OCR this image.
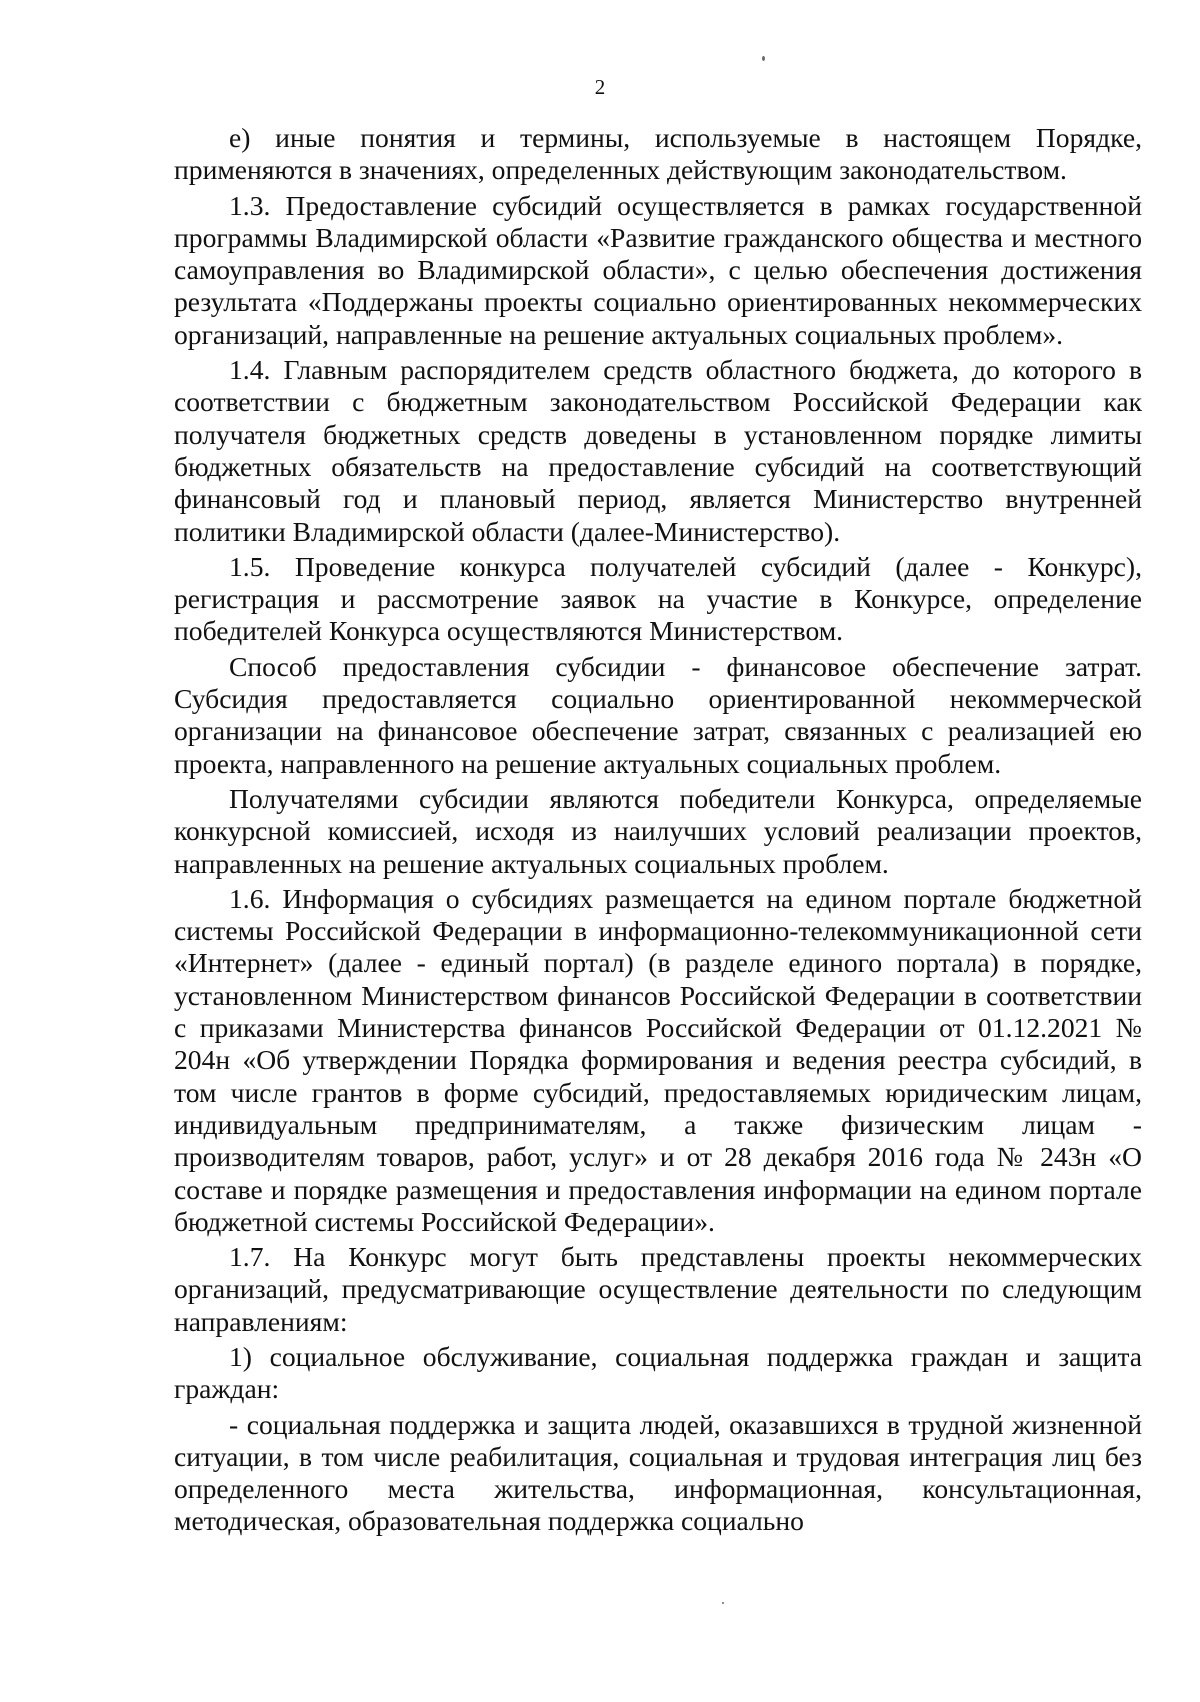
2

е) иные понятия и термины, используемые в настоящем Порядке, применяются в значениях, определенных действующим законодательством.

1.3. Предоставление субсидий осуществляется в рамках государственной программы Владимирской области «Развитие гражданского общества и местного самоуправления во Владимирской области», с целью обеспечения достижения результата «Поддержаны проекты социально ориентированных некоммерческих организаций, направленные на решение актуальных социальных проблем».

1.4. Главным распорядителем средств областного бюджета, до которого в соответствии с бюджетным законодательством Российской Федерации как получателя бюджетных средств доведены в установленном порядке лимиты бюджетных обязательств на предоставление субсидий на соответствующий финансовый год и плановый период, является Министерство внутренней политики Владимирской области (далее-Министерство).

1.5. Проведение конкурса получателей субсидий (далее - Конкурс), регистрация и рассмотрение заявок на участие в Конкурсе, определение победителей Конкурса осуществляются Министерством.

Способ предоставления субсидии - финансовое обеспечение затрат. Субсидия предоставляется социально ориентированной некоммерческой организации на финансовое обеспечение затрат, связанных с реализацией ею проекта, направленного на решение актуальных социальных проблем.

Получателями субсидии являются победители Конкурса, определяемые конкурсной комиссией, исходя из наилучших условий реализации проектов, направленных на решение актуальных социальных проблем.

1.6. Информация о субсидиях размещается на едином портале бюджетной системы Российской Федерации в информационно-телекоммуникационной сети «Интернет» (далее - единый портал) (в разделе единого портала) в порядке, установленном Министерством финансов Российской Федерации в соответствии с приказами Министерства финансов Российской Федерации от 01.12.2021 № 204н «Об утверждении Порядка формирования и ведения реестра субсидий, в том числе грантов в форме субсидий, предоставляемых юридическим лицам, индивидуальным предпринимателям, а также физическим лицам - производителям товаров, работ, услуг» и от 28 декабря 2016 года № 243н «О составе и порядке размещения и предоставления информации на едином портале бюджетной системы Российской Федерации».

1.7. На Конкурс могут быть представлены проекты некоммерческих организаций, предусматривающие осуществление деятельности по следующим направлениям:

1) социальное обслуживание, социальная поддержка граждан и защита граждан:

- социальная поддержка и защита людей, оказавшихся в трудной жизненной ситуации, в том числе реабилитация, социальная и трудовая интеграция лиц без определенного места жительства, информационная, консультационная, методическая, образовательная поддержка социально
